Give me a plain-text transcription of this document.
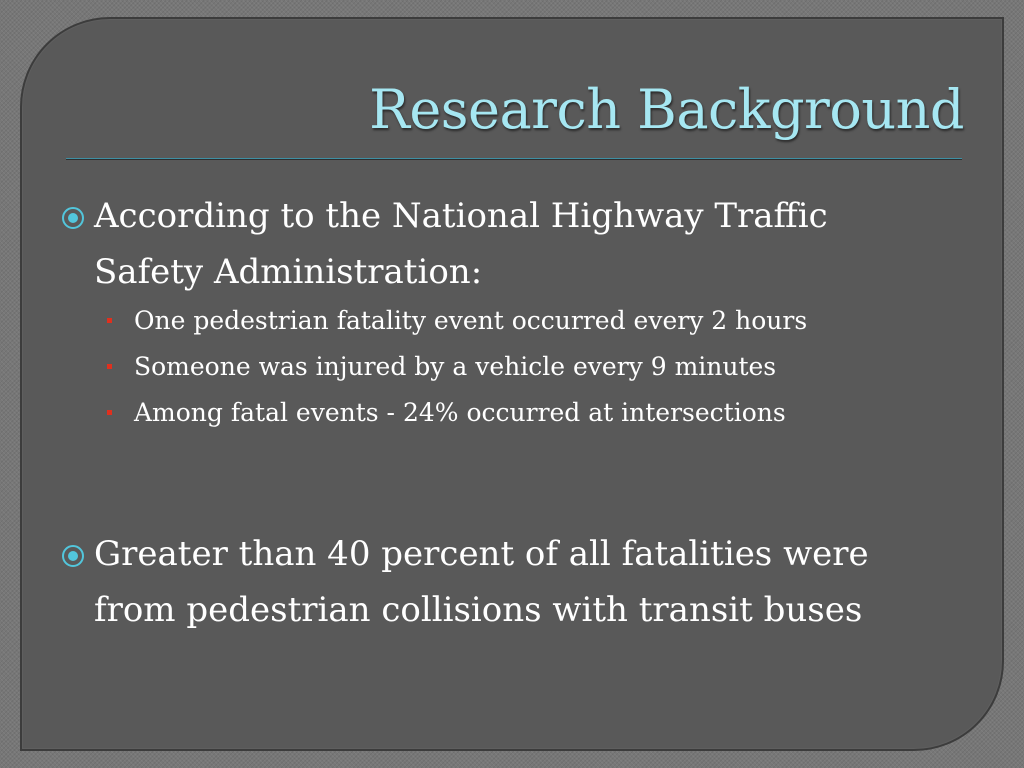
Research Background
According to the National Highway Traffic
Safety Administration:
One pedestrian fatality event occurred every 2 hours
Someone was injured by a vehicle every 9 minutes
Among fatal events - 24% occurred at intersections
Greater than 40 percent of all fatalities were
from pedestrian collisions with transit buses
